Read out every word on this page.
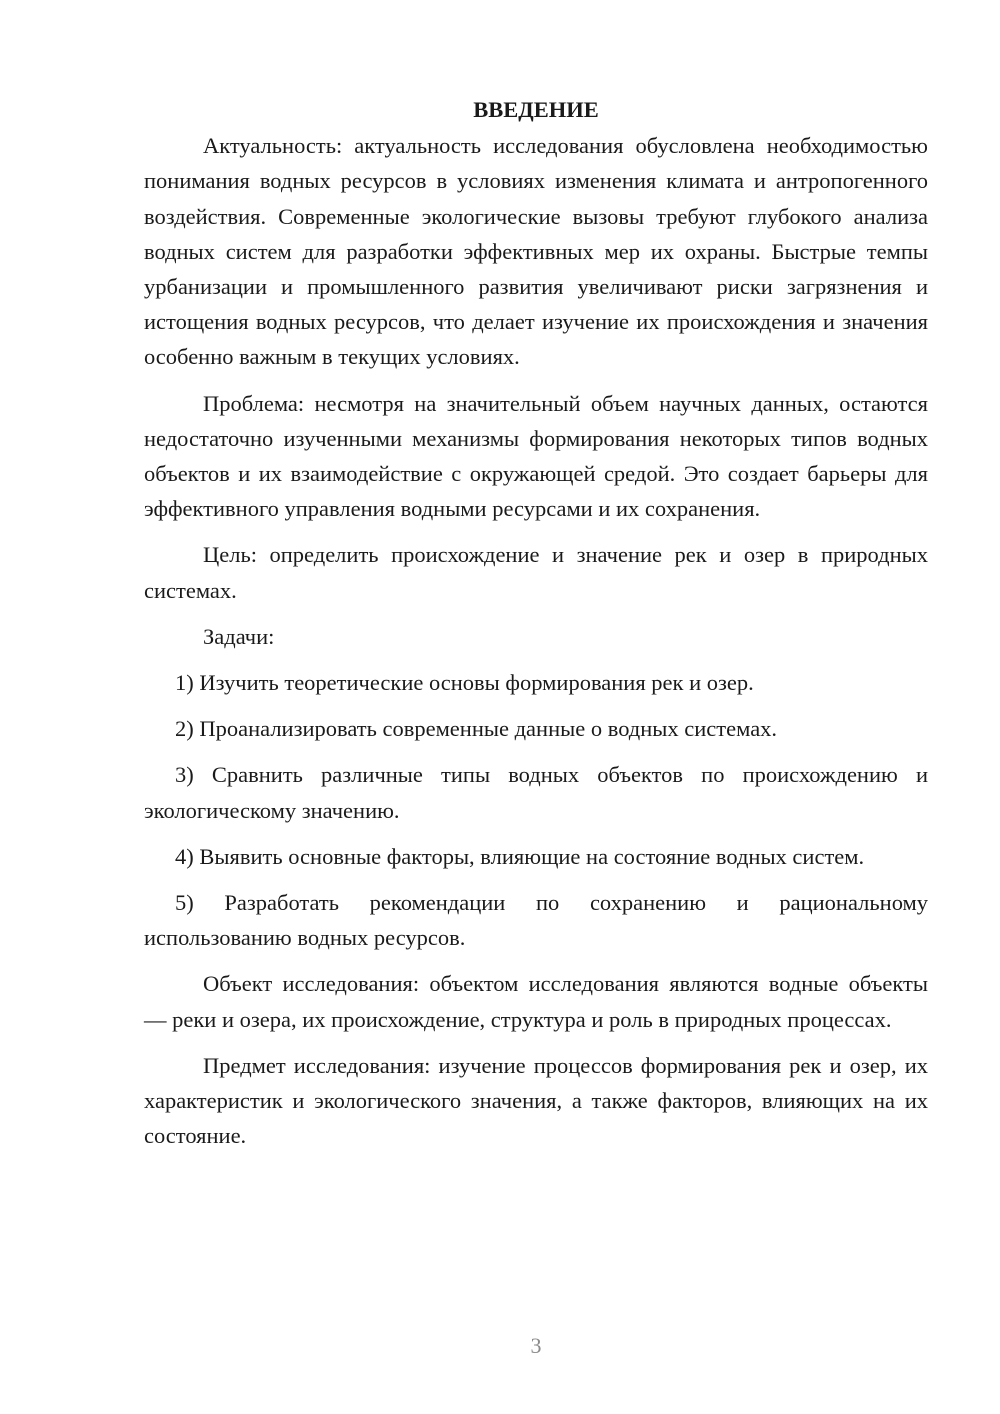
ВВЕДЕНИЕ

Актуальность: актуальность исследования обусловлена необходимостью понимания водных ресурсов в условиях изменения климата и антропогенного воздействия. Современные экологические вызовы требуют глубокого анализа водных систем для разработки эффективных мер их охраны. Быстрые темпы урбанизации и промышленного развития увеличивают риски загрязнения и истощения водных ресурсов, что делает изучение их происхождения и значения особенно важным в текущих условиях.

Проблема: несмотря на значительный объем научных данных, остаются недостаточно изученными механизмы формирования некоторых типов водных объектов и их взаимодействие с окружающей средой. Это создает барьеры для эффективного управления водными ресурсами и их сохранения.

Цель: определить происхождение и значение рек и озер в природных системах.

Задачи:

1) Изучить теоретические основы формирования рек и озер.

2) Проанализировать современные данные о водных системах.

3) Сравнить различные типы водных объектов по происхождению и экологическому значению.

4) Выявить основные факторы, влияющие на состояние водных систем.

5) Разработать рекомендации по сохранению и рациональному использованию водных ресурсов.

Объект исследования: объектом исследования являются водные объекты — реки и озера, их происхождение, структура и роль в природных процессах.

Предмет исследования: изучение процессов формирования рек и озер, их характеристик и экологического значения, а также факторов, влияющих на их состояние.

3
